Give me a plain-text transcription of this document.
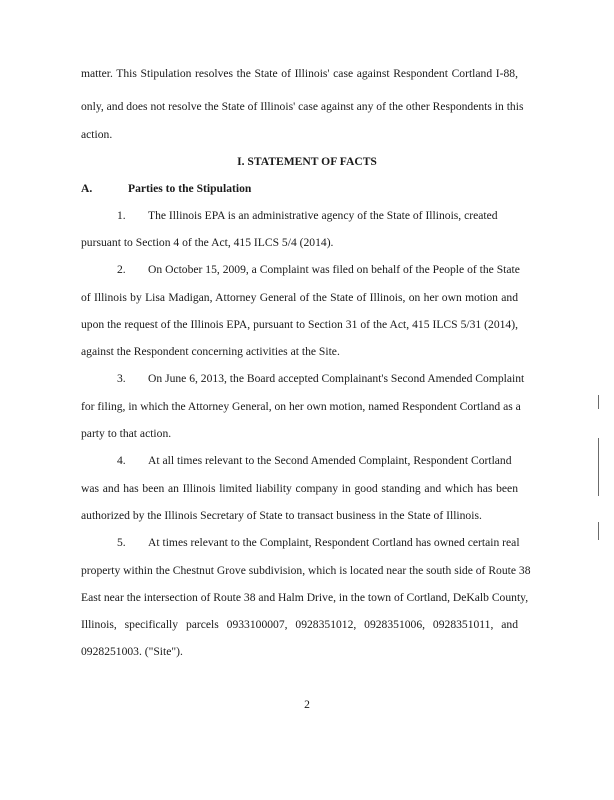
matter. This Stipulation resolves the State of Illinois' case against Respondent Cortland I-88,
only, and does not resolve the State of Illinois' case against any of the other Respondents in this
action.
I. STATEMENT OF FACTS
A.	Parties to the Stipulation
1. The Illinois EPA is an administrative agency of the State of Illinois, created
pursuant to Section 4 of the Act, 415 ILCS 5/4 (2014).
2. On October 15, 2009, a Complaint was filed on behalf of the People of the State
of Illinois by Lisa Madigan, Attorney General of the State of Illinois, on her own motion and
upon the request of the Illinois EPA, pursuant to Section 31 of the Act, 415 ILCS 5/31 (2014),
against the Respondent concerning activities at the Site.
3. On June 6, 2013, the Board accepted Complainant's Second Amended Complaint
for filing, in which the Attorney General, on her own motion, named Respondent Cortland as a
party to that action.
4. At all times relevant to the Second Amended Complaint, Respondent Cortland
was and has been an Illinois limited liability company in good standing and which has been
authorized by the Illinois Secretary of State to transact business in the State of Illinois.
5. At times relevant to the Complaint, Respondent Cortland has owned certain real
property within the Chestnut Grove subdivision, which is located near the south side of Route 38
East near the intersection of Route 38 and Halm Drive, in the town of Cortland, DeKalb County,
Illinois, specifically parcels 0933100007, 0928351012, 0928351006, 0928351011, and
0928251003. ("Site").
2
